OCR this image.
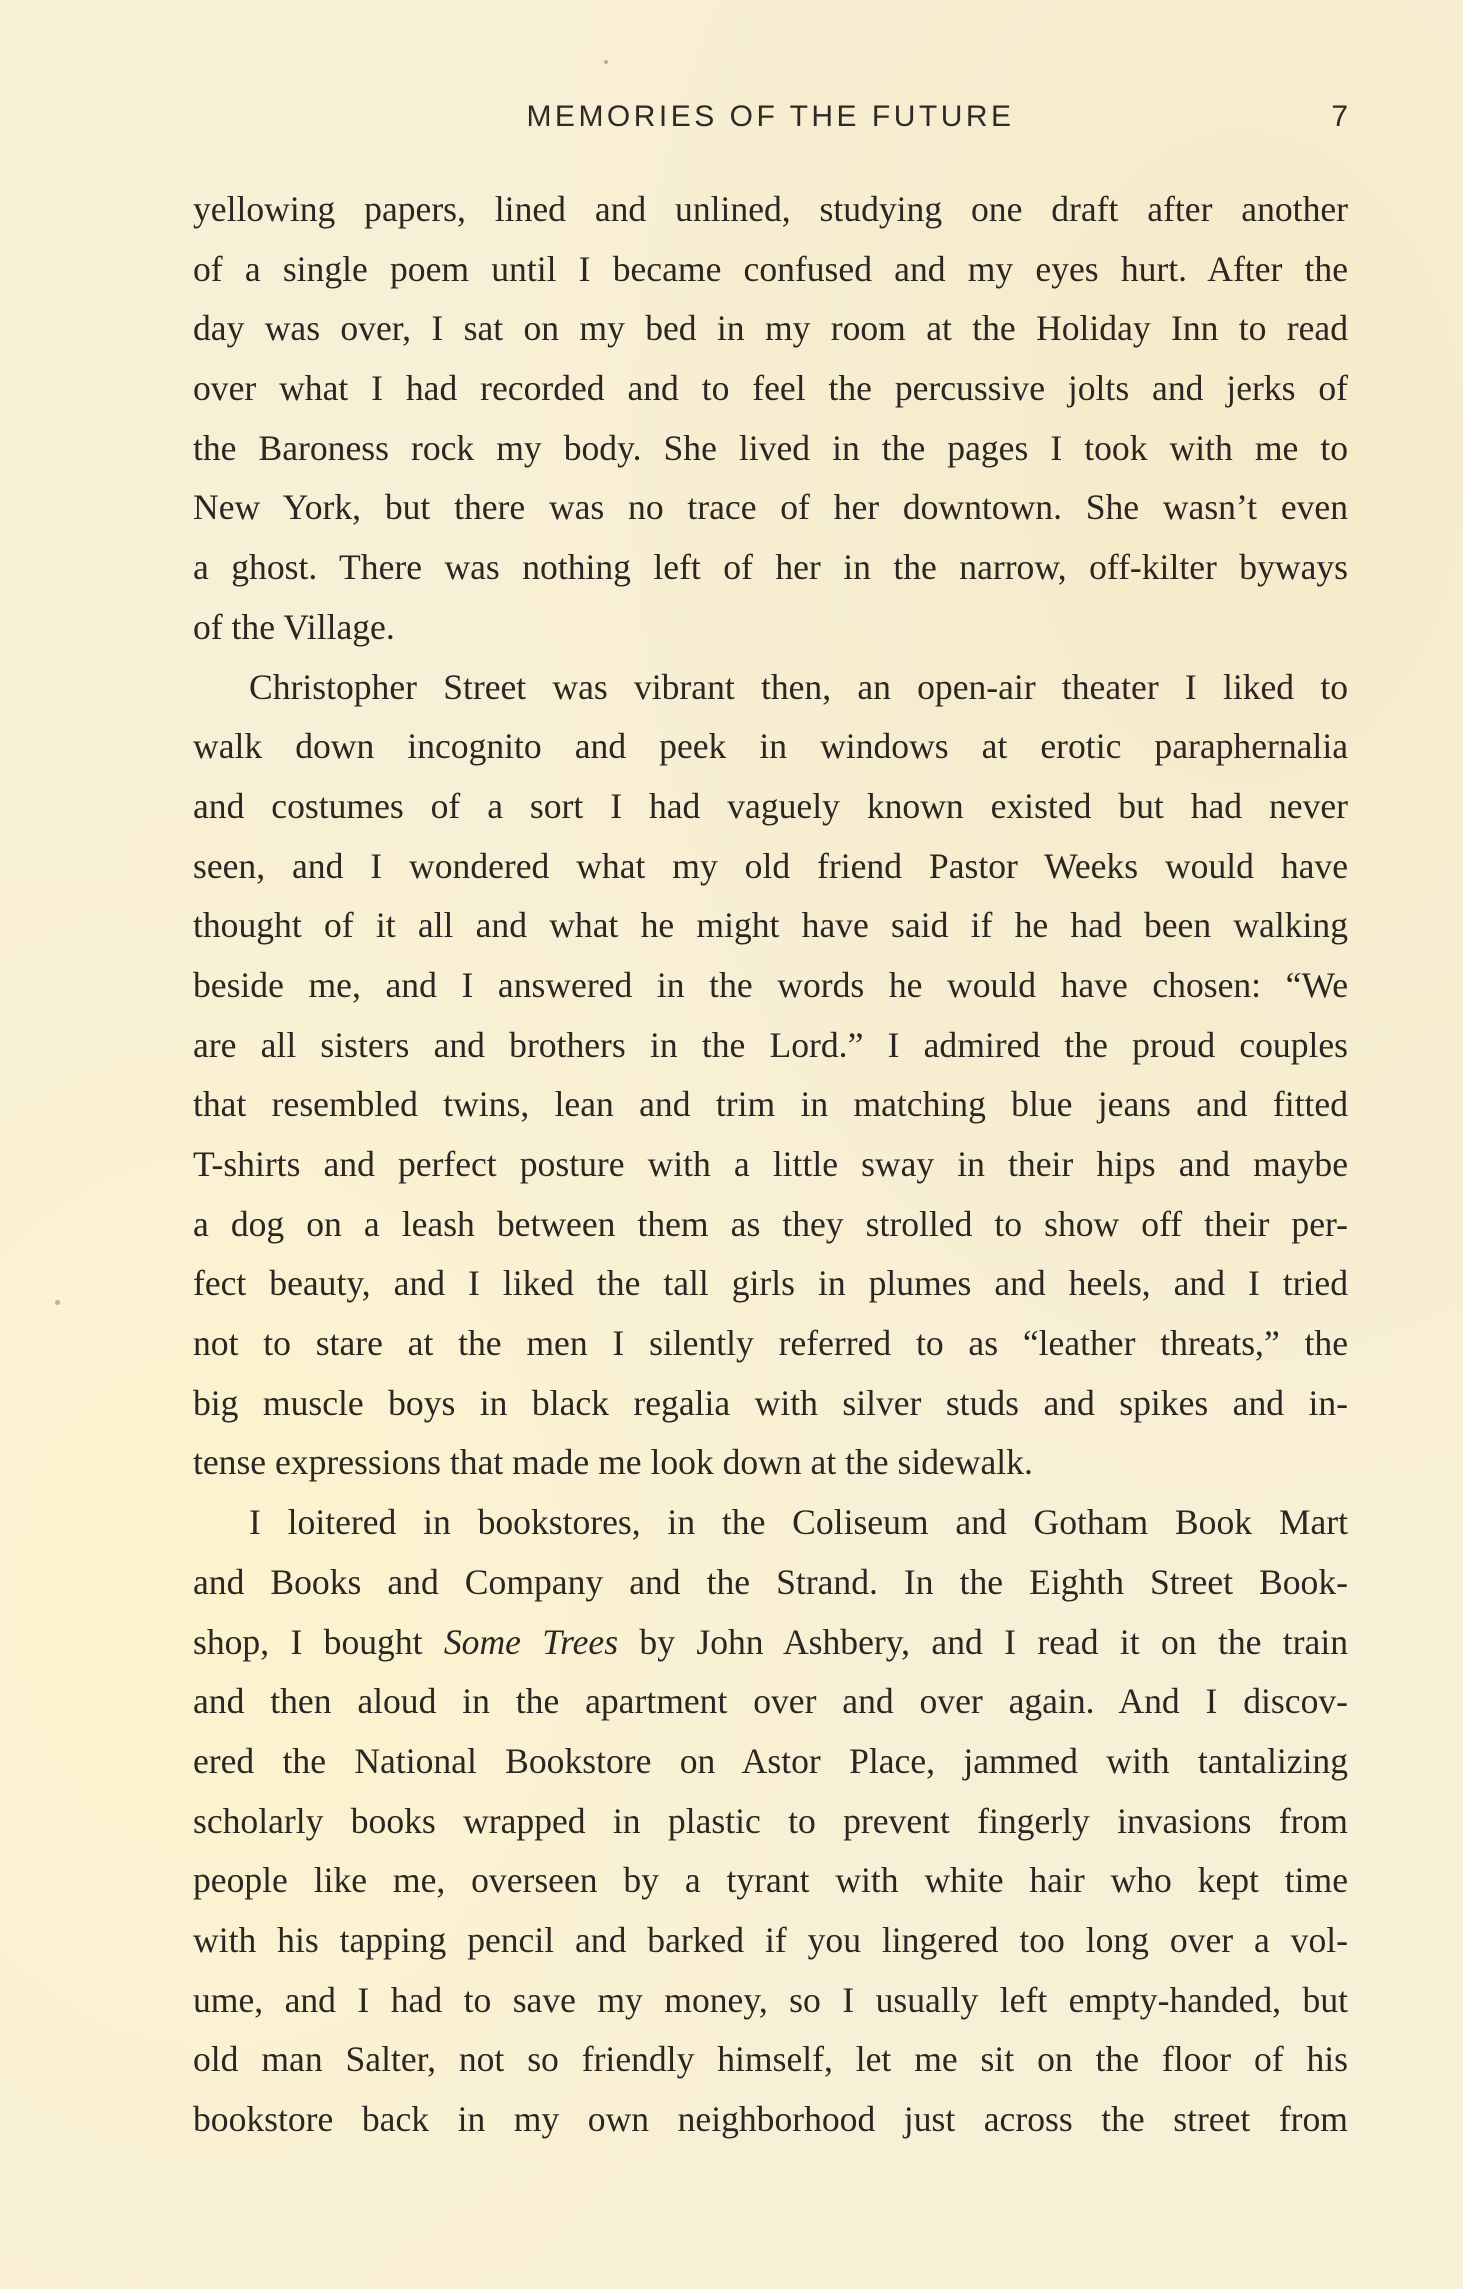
MEMORIES OF THE FUTURE	7
yellowing papers, lined and unlined, studying one draft after another
of a single poem until I became confused and my eyes hurt. After the
day was over, I sat on my bed in my room at the Holiday Inn to read
over what I had recorded and to feel the percussive jolts and jerks of
the Baroness rock my body. She lived in the pages I took with me to
New York, but there was no trace of her downtown. She wasn’t even
a ghost. There was nothing left of her in the narrow, off-kilter byways
of the Village.
Christopher Street was vibrant then, an open-air theater I liked to
walk down incognito and peek in windows at erotic paraphernalia
and costumes of a sort I had vaguely known existed but had never
seen, and I wondered what my old friend Pastor Weeks would have
thought of it all and what he might have said if he had been walking
beside me, and I answered in the words he would have chosen: “We
are all sisters and brothers in the Lord.” I admired the proud couples
that resembled twins, lean and trim in matching blue jeans and fitted
T-shirts and perfect posture with a little sway in their hips and maybe
a dog on a leash between them as they strolled to show off their per-
fect beauty, and I liked the tall girls in plumes and heels, and I tried
not to stare at the men I silently referred to as “leather threats,” the
big muscle boys in black regalia with silver studs and spikes and in-
tense expressions that made me look down at the sidewalk.
I loitered in bookstores, in the Coliseum and Gotham Book Mart
and Books and Company and the Strand. In the Eighth Street Book-
shop, I bought Some Trees by John Ashbery, and I read it on the train
and then aloud in the apartment over and over again. And I discov-
ered the National Bookstore on Astor Place, jammed with tantalizing
scholarly books wrapped in plastic to prevent fingerly invasions from
people like me, overseen by a tyrant with white hair who kept time
with his tapping pencil and barked if you lingered too long over a vol-
ume, and I had to save my money, so I usually left empty-handed, but
old man Salter, not so friendly himself, let me sit on the floor of his
bookstore back in my own neighborhood just across the street from
